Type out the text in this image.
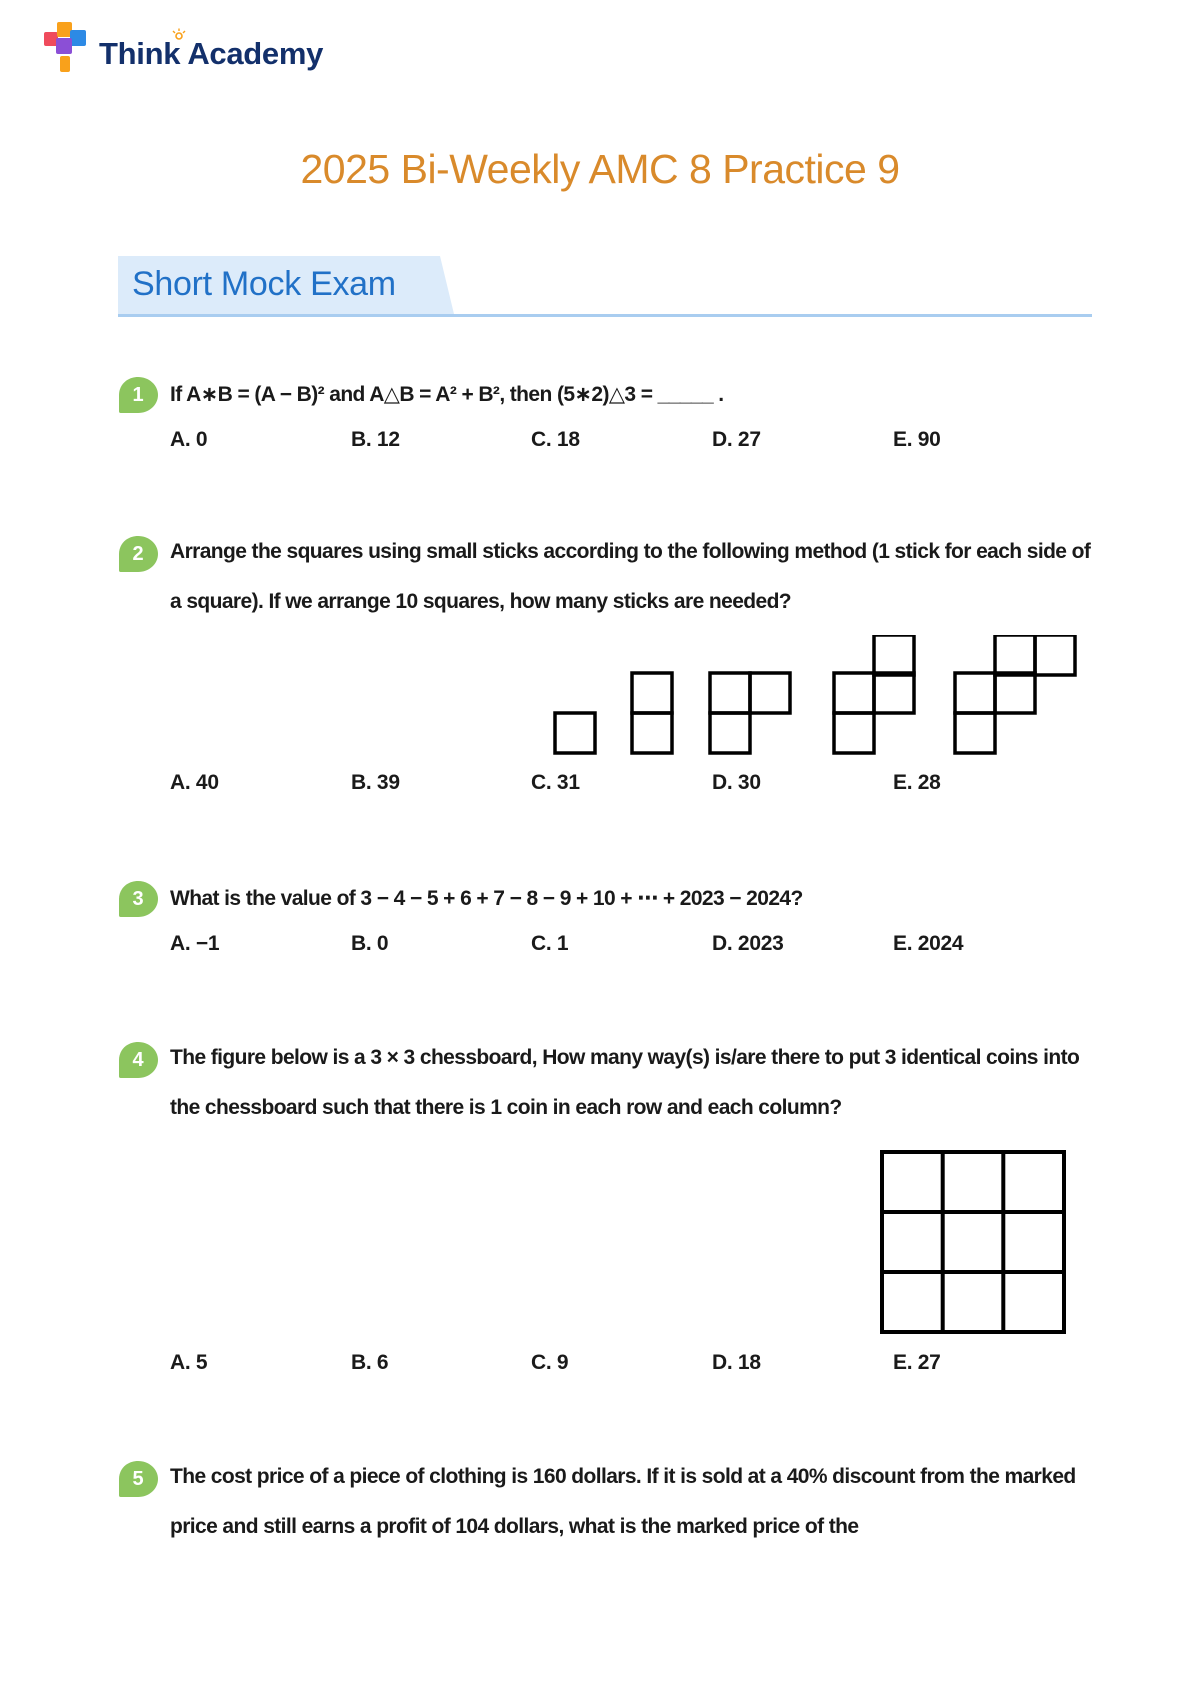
Think Academy
2025 Bi-Weekly AMC 8 Practice 9
Short Mock Exam
1	If A∗B = (A − B)² and A△B = A² + B², then (5∗2)△3 = _____ .
A. 0	B. 12	C. 18	D. 27	E. 90
2	Arrange the squares using small sticks according to the following method (1 stick for each side of a square). If we arrange 10 squares, how many sticks are needed?
A. 40	B. 39	C. 31	D. 30	E. 28
3	What is the value of 3 − 4 − 5 + 6 + 7 − 8 − 9 + 10 + ⋯ + 2023 − 2024?
A. −1	B. 0	C. 1	D. 2023	E. 2024
4	The figure below is a 3 × 3 chessboard, How many way(s) is/are there to put 3 identical coins into the chessboard such that there is 1 coin in each row and each column?
A. 5	B. 6	C. 9	D. 18	E. 27
5	The cost price of a piece of clothing is 160 dollars. If it is sold at a 40% discount from the marked price and still earns a profit of 104 dollars, what is the marked price of the
